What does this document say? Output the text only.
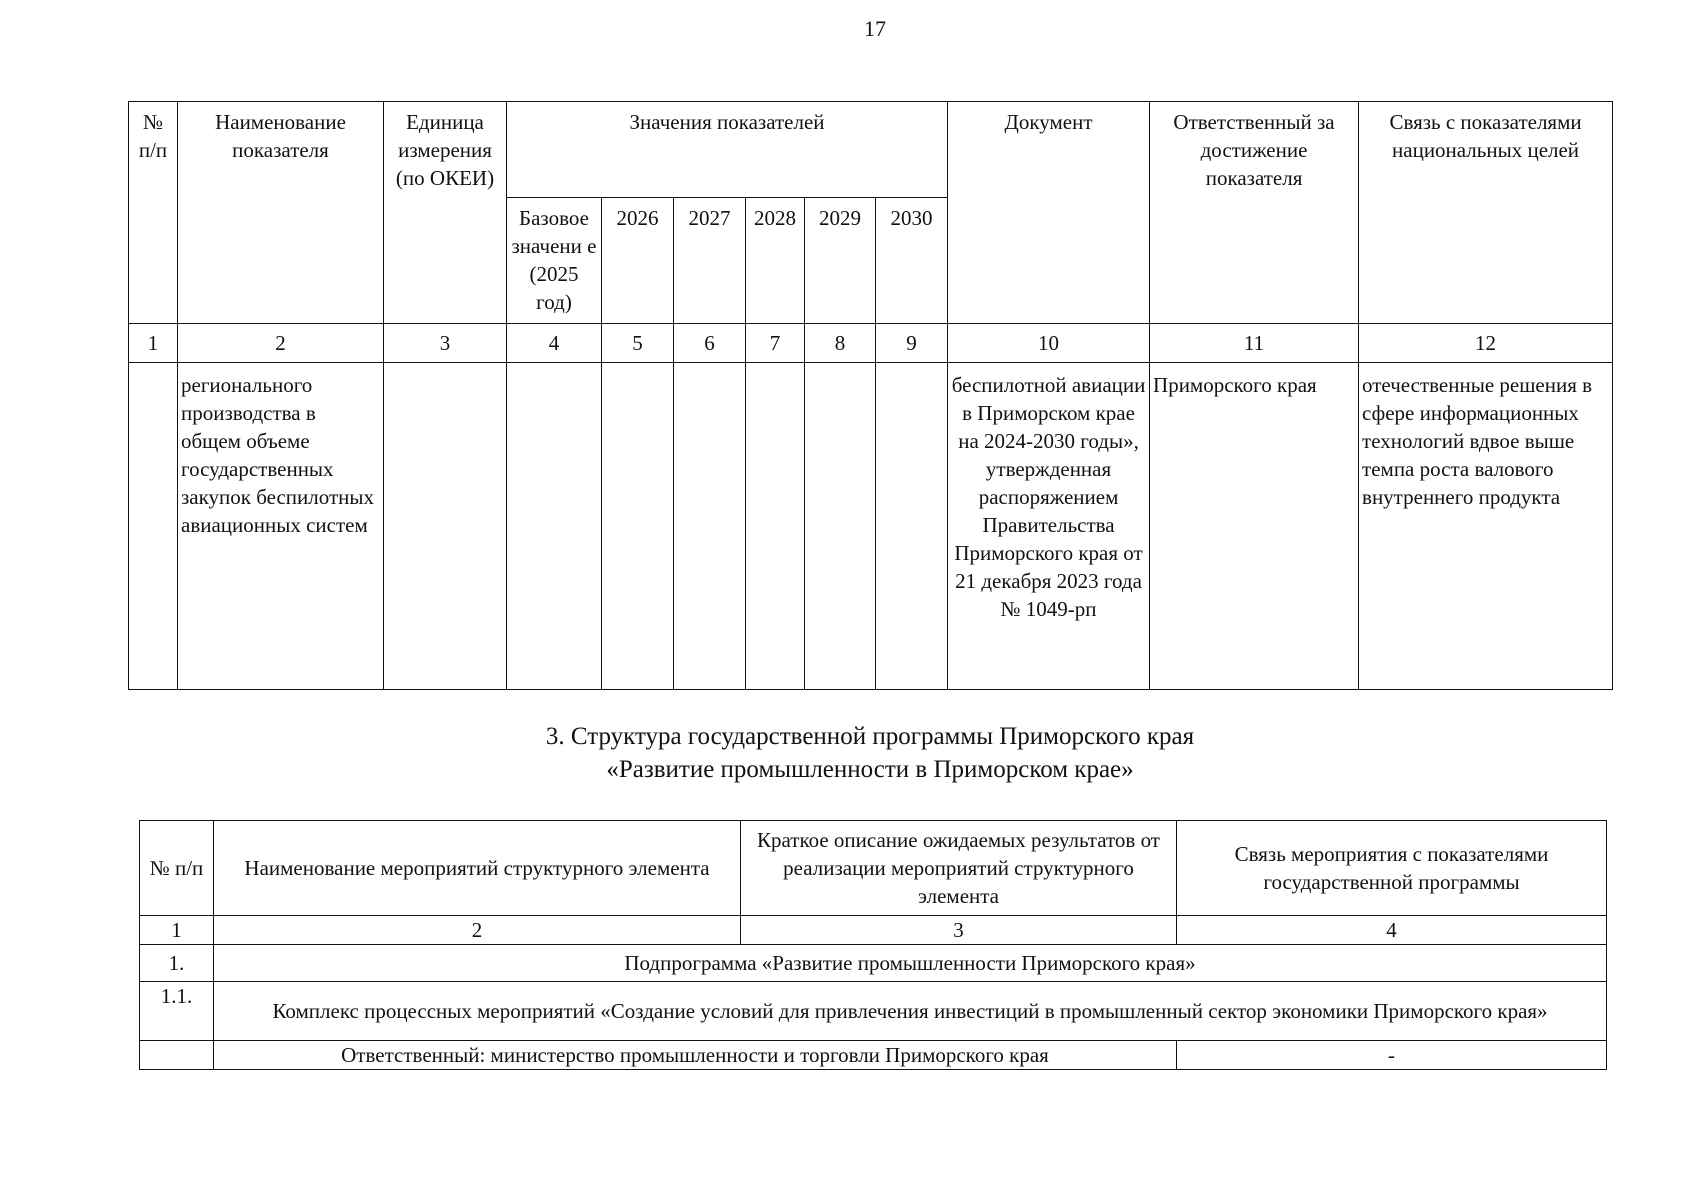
17
№ п/п	Наименование показателя	Единица измерения (по ОКЕИ)	Значения показателей						Документ	Ответственный за достижение показателя	Связь с показателями национальных целей
			Базовое значени е (2025 год)	2026	2027	2028	2029	2030			
1	2	3	4	5	6	7	8	9	10	11	12
	регионального производства в общем объеме государственных закупок беспилотных авиационных систем								беспилотной авиации в Приморском крае на 2024-2030 годы», утвержденная распоряжением Правительства Приморского края от 21 декабря 2023 года № 1049-рп	Приморского края	отечественные решения в сфере информационных технологий вдвое выше темпа роста валового внутреннего продукта
3. Структура государственной программы Приморского края
«Развитие промышленности в Приморском крае»
№ п/п	Наименование мероприятий структурного элемента	Краткое описание ожидаемых результатов от реализации мероприятий структурного элемента	Связь мероприятия с показателями государственной программы
1	2	3	4
1.	Подпрограмма «Развитие промышленности Приморского края»		
1.1.	Комплекс процессных мероприятий «Создание условий для привлечения инвестиций в промышленный сектор экономики Приморского края»		
	Ответственный: министерство промышленности и торговли Приморского края		-
